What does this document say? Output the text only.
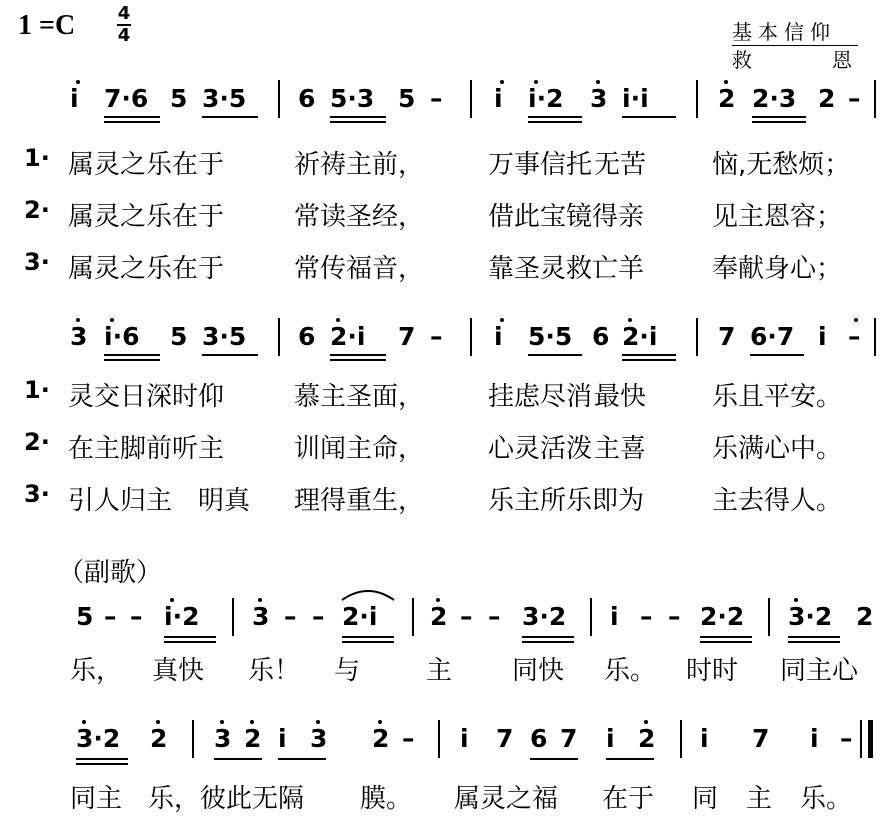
1 =C 4
4	基本信仰
救	恩
i 7·6 5 3·5 6 5·3 5 – i i·2 3 i·i	2 2·3 2 –
1· 属灵之乐在于	祈祷主前， 万事信托 无苦	恼,无愁烦；
2· 属灵之乐在于	常读圣经， 借此宝镜得亲	见主恩容；
3· 属灵之乐在于	常传福音， 靠圣灵救亡羊	奉献身心；
3 i·6 5 3·5 6 2·i 7 – i 5·5 6 2·i 7 6·7 i –
1· 灵交日深时仰	慕主圣面， 挂虑尽消 最快	乐且平安。
2· 在主脚前听主	训闻主命， 心灵活泼 主喜	乐满心中。
3· 引人归主 明真 理得重生， 乐主所乐即为	主去得人。
（副歌）
5 – – i·2 3 – – 2·i 2 – – 3·2 i – – 2·2 3·2 2
乐， 真快 乐！ 与	主 同快 乐。 时时 同主心
3·2 2 3 2 i 3 2 – i 7 6 7 i 2 i 7 i –
同主 乐，彼此无隔 膜。 属灵之福 在于 同 主 乐。
